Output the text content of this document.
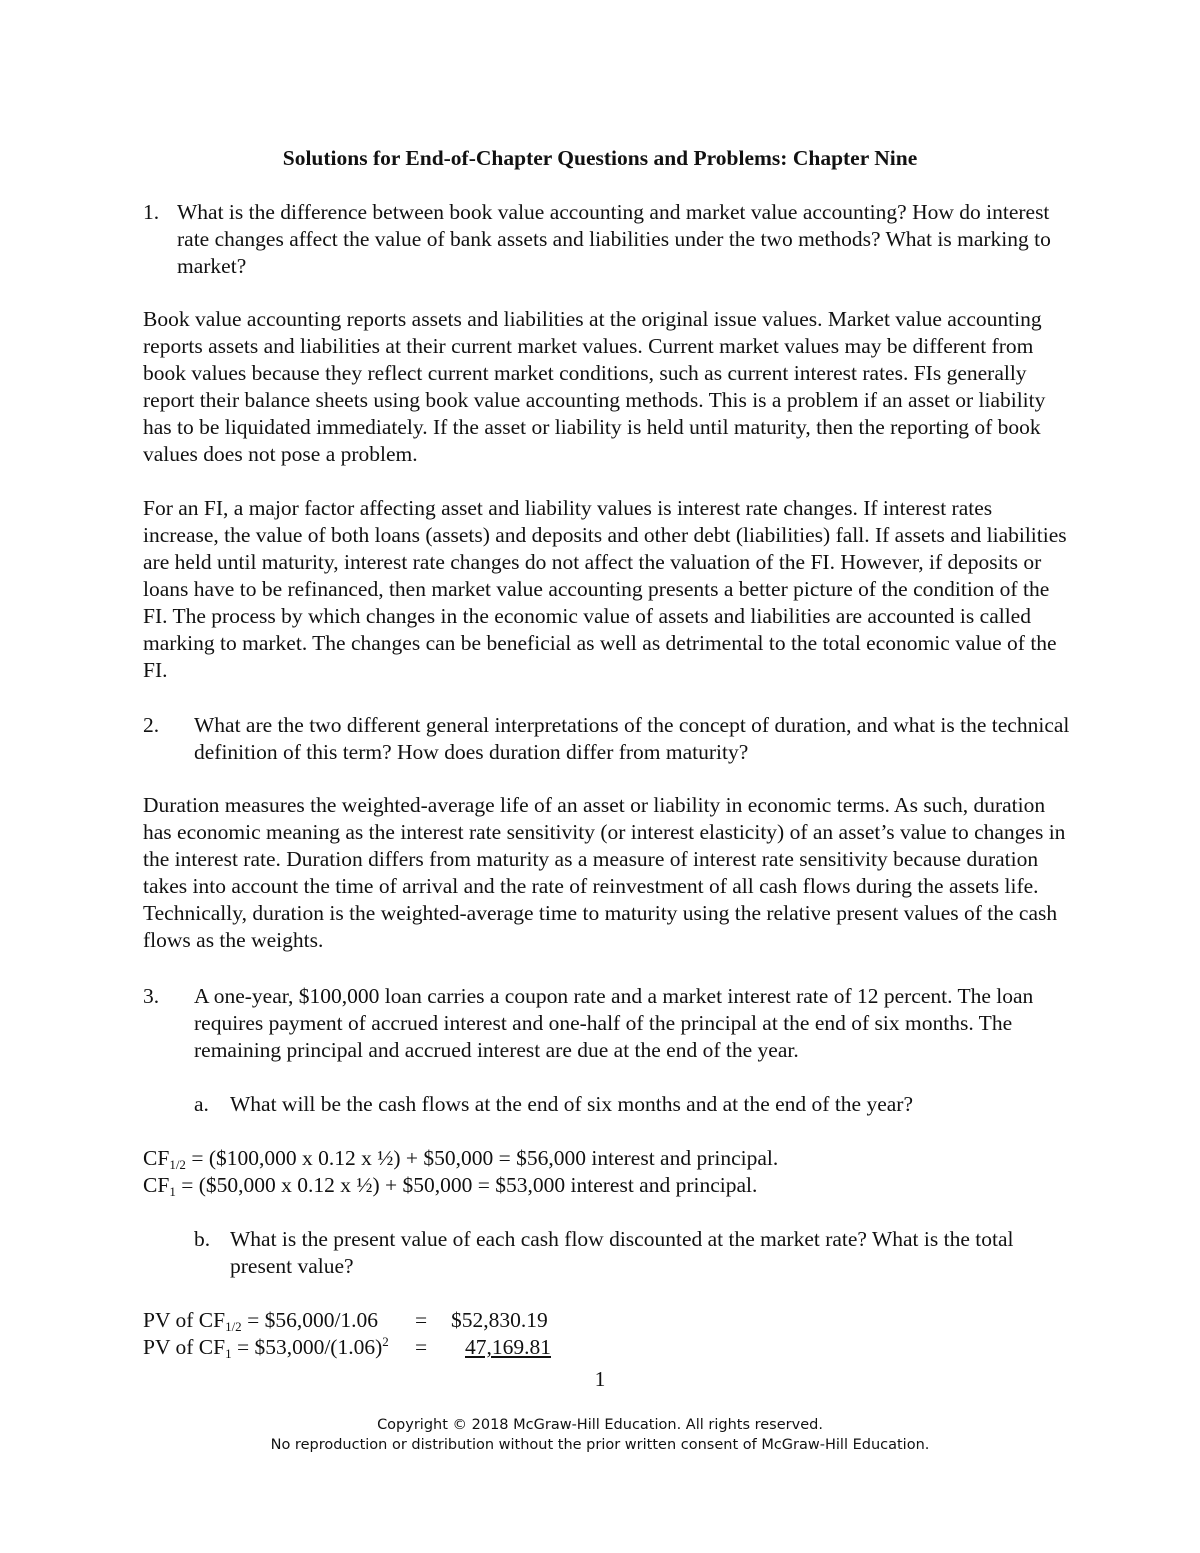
Solutions for End-of-Chapter Questions and Problems: Chapter Nine
1. What is the difference between book value accounting and market value accounting? How do interest rate changes affect the value of bank assets and liabilities under the two methods? What is marking to market?
Book value accounting reports assets and liabilities at the original issue values. Market value accounting reports assets and liabilities at their current market values. Current market values may be different from book values because they reflect current market conditions, such as current interest rates. FIs generally report their balance sheets using book value accounting methods. This is a problem if an asset or liability has to be liquidated immediately. If the asset or liability is held until maturity, then the reporting of book values does not pose a problem.
For an FI, a major factor affecting asset and liability values is interest rate changes. If interest rates increase, the value of both loans (assets) and deposits and other debt (liabilities) fall. If assets and liabilities are held until maturity, interest rate changes do not affect the valuation of the FI. However, if deposits or loans have to be refinanced, then market value accounting presents a better picture of the condition of the FI. The process by which changes in the economic value of assets and liabilities are accounted is called marking to market. The changes can be beneficial as well as detrimental to the total economic value of the FI.
2. What are the two different general interpretations of the concept of duration, and what is the technical definition of this term? How does duration differ from maturity?
Duration measures the weighted-average life of an asset or liability in economic terms. As such, duration has economic meaning as the interest rate sensitivity (or interest elasticity) of an asset’s value to changes in the interest rate. Duration differs from maturity as a measure of interest rate sensitivity because duration takes into account the time of arrival and the rate of reinvestment of all cash flows during the assets life. Technically, duration is the weighted-average time to maturity using the relative present values of the cash flows as the weights.
3. A one-year, $100,000 loan carries a coupon rate and a market interest rate of 12 percent. The loan requires payment of accrued interest and one-half of the principal at the end of six months. The remaining principal and accrued interest are due at the end of the year.
a. What will be the cash flows at the end of six months and at the end of the year?
$CF_{1/2}$ = ($100,000 x 0.12 x ½) + $50,000 = $56,000 interest and principal.
$CF_1$ = ($50,000 x 0.12 x ½) + $50,000 = $53,000 interest and principal.
b. What is the present value of each cash flow discounted at the market rate? What is the total present value?
PV of $CF_{1/2}$ = $56,000/1.06 = $52,830.19
PV of $CF_1$ = $\$53,000/(1.06)^2$ =	47,169.81
1
Copyright © 2018 McGraw-Hill Education. All rights reserved.
No reproduction or distribution without the prior written consent of McGraw-Hill Education.
